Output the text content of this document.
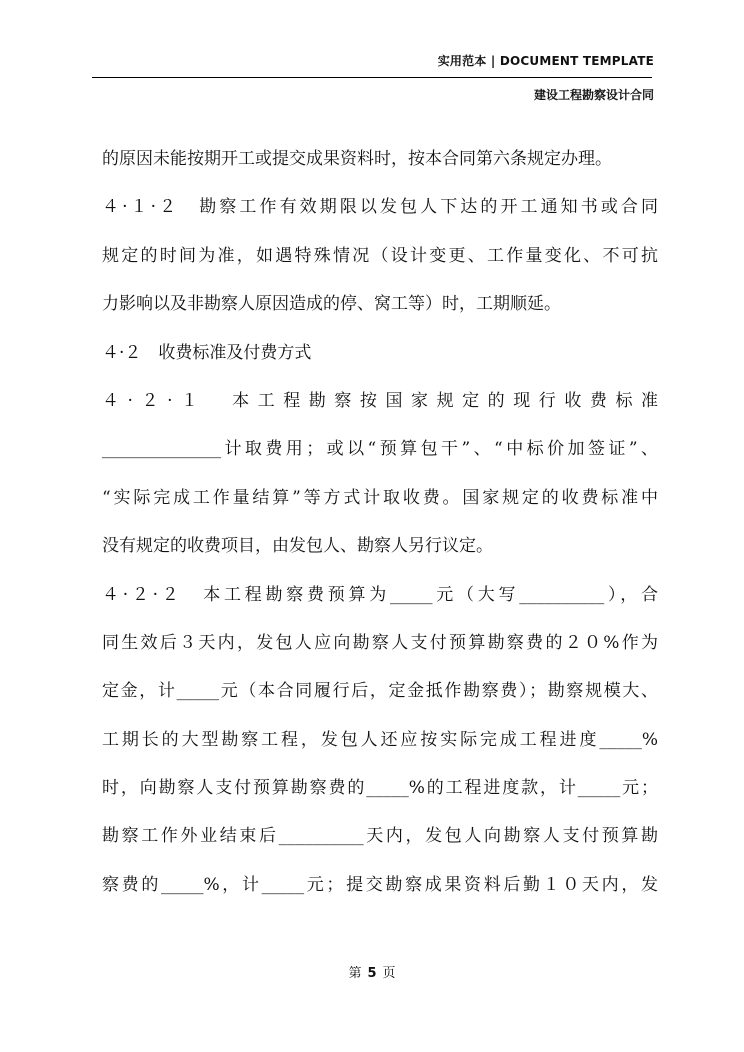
实用范本 | DOCUMENT TEMPLATE
建设工程勘察设计合同
的原因未能按期开工或提交成果资料时，按本合同第六条规定办理。
４·１·２　勘察工作有效期限以发包人下达的开工通知书或合同
规定的时间为准，如遇特殊情况（设计变更、工作量变化、不可抗
力影响以及非勘察人原因造成的停、窝工等）时，工期顺延。
４·２　收费标准及付费方式
４·２·１　本工程勘察按国家规定的现行收费标准
______________计取费用；或以“预算包干”、“中标价加签证”、
“实际完成工作量结算”等方式计取收费。国家规定的收费标准中
没有规定的收费项目，由发包人、勘察人另行议定。
４·２·２　本工程勘察费预算为_____元（大写__________），合
同生效后３天内，发包人应向勘察人支付预算勘察费的２０%作为
定金，计_____元（本合同履行后，定金抵作勘察费）；勘察规模大、
工期长的大型勘察工程，发包人还应按实际完成工程进度_____%
时，向勘察人支付预算勘察费的_____%的工程进度款，计_____元；
勘察工作外业结束后__________天内，发包人向勘察人支付预算勘
察费的_____%，计_____元；提交勘察成果资料后勤１０天内，发
第 5 页
